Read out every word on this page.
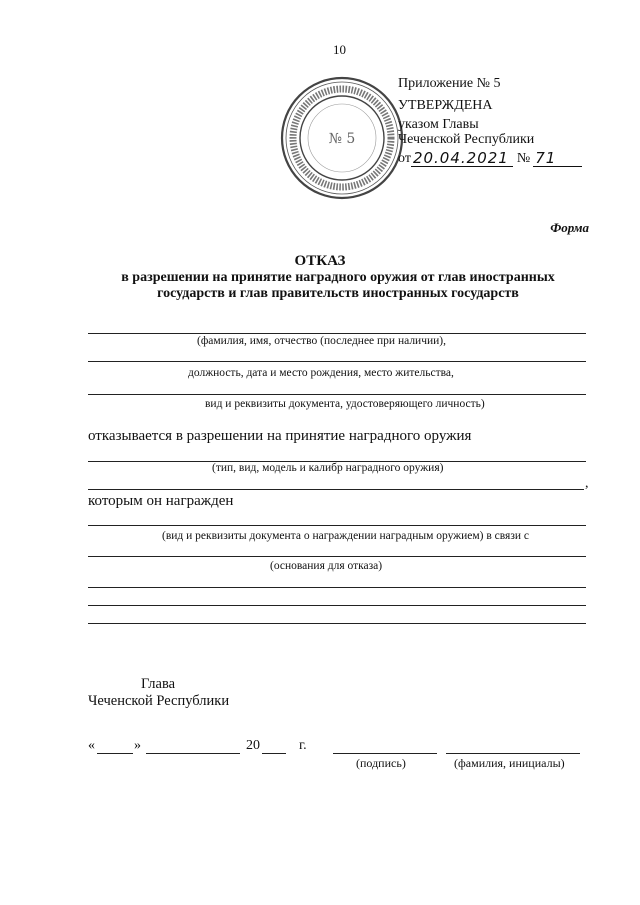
10
№ 5
Приложение № 5
УТВЕРЖДЕНА
указом Главы
Чеченской Республики
от 20.04.2021 № 71
Форма
ОТКАЗ
в разрешении на принятие наградного оружия от глав иностранных государств и глав правительств иностранных государств
(фамилия, имя, отчество (последнее при наличии),
должность, дата и место рождения, место жительства,
вид и реквизиты документа, удостоверяющего личность)
отказывается в разрешении на принятие наградного оружия
(тип, вид, модель и калибр наградного оружия)
,
которым он награжден
(вид и реквизиты документа о награждении наградным оружием) в связи с
(основания для отказа)
Глава
Чеченской Республики
«	»	20	г.
(подпись)	(фамилия, инициалы)
